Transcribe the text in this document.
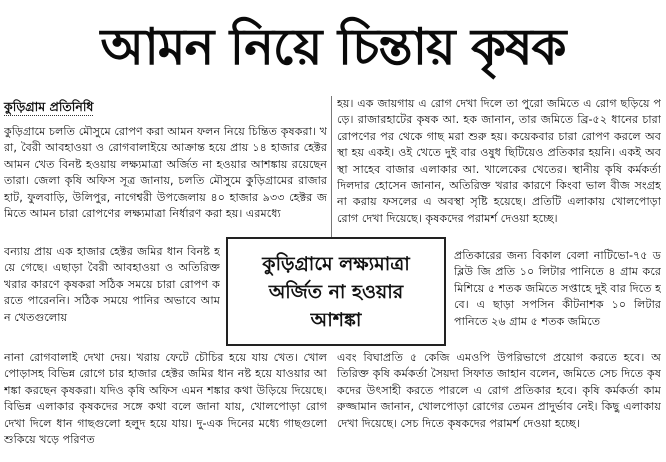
আমন নিয়ে চিন্তায় কৃষক
কুড়িগ্রাম প্রতিনিধি

কুড়িগ্রামে চলতি মৌসুমে রোপণ করা আমন ফলন নিয়ে চিন্তিত কৃষকরা। খরা, বৈরী আবহাওয়া ও রোগবালাইয়ে আক্রান্ত হয়ে প্রায় ১৪ হাজার হেক্টর আমন খেত বিনষ্ট হওয়ায় লক্ষ্যমাত্রা অর্জিত না হওয়ার আশঙ্কায় রয়েছেন তারা। জেলা কৃষি অফিস সূত্র জানায়, চলতি মৌসুমে কুড়িগ্রামের রাজারহাট, ফুলবাড়ি, উলিপুর, নাগেশ্বরী উপজেলায় ৪০ হাজার ৯৩৩ হেক্টর জমিতে আমন চারা রোপণের লক্ষ্যমাত্রা নির্ধারণ করা হয়। এরমধ্যে

বন্যায় প্রায় এক হাজার হেক্টর জমির ধান বিনষ্ট হয়ে গেছে। এছাড়া বৈরী আবহাওয়া ও অতিরিক্ত খরার কারণে কৃষকরা সঠিক সময়ে চারা রোপণ করতে পারেননি। সঠিক সময়ে পানির অভাবে আমন খেতগুলোয়

নানা রোগবালাই দেখা দেয়। খরায় ফেটে চৌচির হয়ে যায় খেত। খোলপোড়াসহ বিভিন্ন রোগে চার হাজার হেক্টর জমির ধান নষ্ট হয়ে যাওয়ার আশঙ্কা করছেন কৃষকরা। যদিও কৃষি অফিস এমন শঙ্কার কথা উড়িয়ে দিয়েছে। বিভিন্ন এলাকার কৃষকদের সঙ্গে কথা বলে জানা যায়, খোলপোড়া রোগ দেখা দিলে ধান গাছগুলো হলুদ হয়ে যায়। দু-এক দিনের মধ্যে গাছগুলো শুকিয়ে খড়ে পরিণত

হয়। এক জায়গায় এ রোগ দেখা দিলে তা পুরো জমিতে এ রোগ ছড়িয়ে পড়ে। রাজারহাটের কৃষক আ. হক জানান, তার জমিতে ব্রি-৫২ ধানের চারা রোপণের পর থেকে গাছ মরা শুরু হয়। কয়েকবার চারা রোপণ করলে অবস্থা হয় একই। ওই খেতে দুই বার ওষুধ ছিটিয়েও প্রতিকার হয়নি। একই অবস্থা সাহেব বাজার এলাকার আ. খালেকের খেতের। স্থানীয় কৃষি কর্মকর্তা দিলদার হোসেন জানান, অতিরিক্ত খরার কারণে কিংবা ভাল বীজ সংগ্রহ না করায় ফসলের এ অবস্থা সৃষ্টি হয়েছে। প্রতিটি এলাকায় খোলপোড়া রোগ দেখা দিয়েছে। কৃষকদের পরামর্শ দেওয়া হচ্ছে।

প্রতিকারের জন্য বিকাল বেলা নাটিভো-৭৫ ডব্লিউ জি প্রতি ১০ লিটার পানিতে ৪ গ্রাম করে মিশিয়ে ৫ শতক জমিতে সপ্তাহে দুই বার দিতে হবে। এ ছাড়া সপসিন কীটনাশক ১০ লিটার পানিতে ২৬ গ্রাম ৫ শতক জমিতে

এবং বিঘাপ্রতি ৫ কেজি এমওপি উপরিভাগে প্রয়োগ করতে হবে। অতিরিক্ত কৃষি কর্মকর্তা সৈয়দা সিফাত জাহান বলেন, জমিতে সেচ দিতে কৃষকদের উৎসাহী করতে পারলে এ রোগ প্রতিকার হবে। কৃষি কর্মকর্তা কামরুজ্জামান জানান, খোলপোড়া রোগের তেমন প্রাদুর্ভাব নেই। কিছু এলাকায় দেখা দিয়েছে। সেচ দিতে কৃষকদের পরামর্শ দেওয়া হচ্ছে।

কুড়িগ্রামে লক্ষ্যমাত্রা
অর্জিত না হওয়ার
আশঙ্কা
